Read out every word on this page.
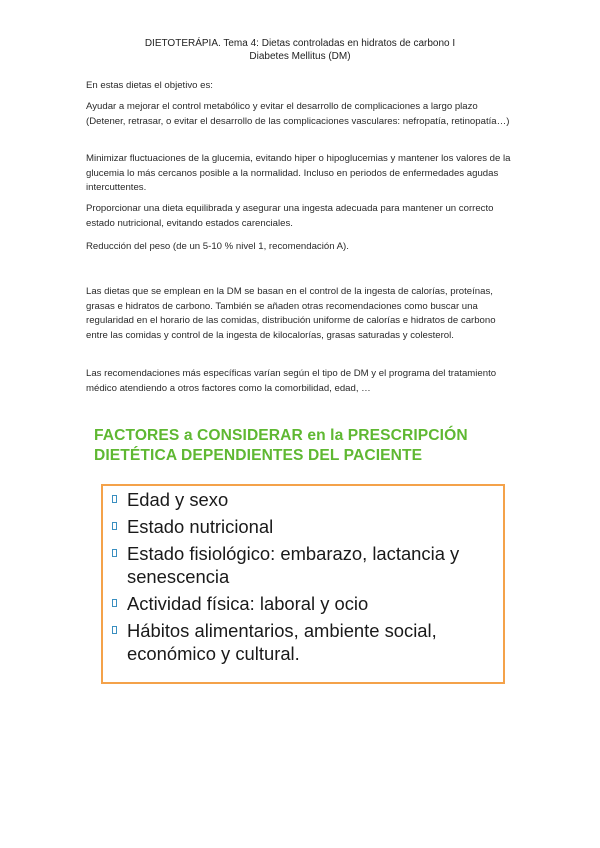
DIETOTERÁPIA. Tema 4: Dietas controladas en hidratos de carbono I
Diabetes Mellitus (DM)

En estas dietas el objetivo es:

Ayudar a mejorar el control metabólico y evitar el desarrollo de complicaciones a largo plazo (Detener, retrasar, o evitar el desarrollo de las complicaciones vasculares: nefropatía, retinopatía…)

Minimizar fluctuaciones de la glucemia, evitando hiper o hipoglucemias y mantener los valores de la glucemia lo más cercanos posible a la normalidad. Incluso en periodos de enfermedades agudas intercuttentes.

Proporcionar una dieta equilibrada y asegurar una ingesta adecuada para mantener un correcto estado nutricional, evitando estados carenciales.

Reducción del peso (de un 5-10 % nivel 1, recomendación A).

Las dietas que se emplean en la DM se basan en el control de la ingesta de calorías, proteínas, grasas e hidratos de carbono. También se añaden otras recomendaciones como buscar una regularidad en el horario de las comidas, distribución uniforme de calorías e hidratos de carbono entre las comidas y control de la ingesta de kilocalorías, grasas saturadas y colesterol.

Las recomendaciones más específicas varían según el tipo de DM y el programa del tratamiento médico atendiendo a otros factores como la comorbilidad, edad, …

FACTORES a CONSIDERAR en la PRESCRIPCIÓN
DIETÉTICA DEPENDIENTES DEL PACIENTE
Edad y sexo
Estado nutricional
Estado fisiológico: embarazo, lactancia y senescencia
Actividad física: laboral y ocio
Hábitos alimentarios, ambiente social, económico y cultural.
